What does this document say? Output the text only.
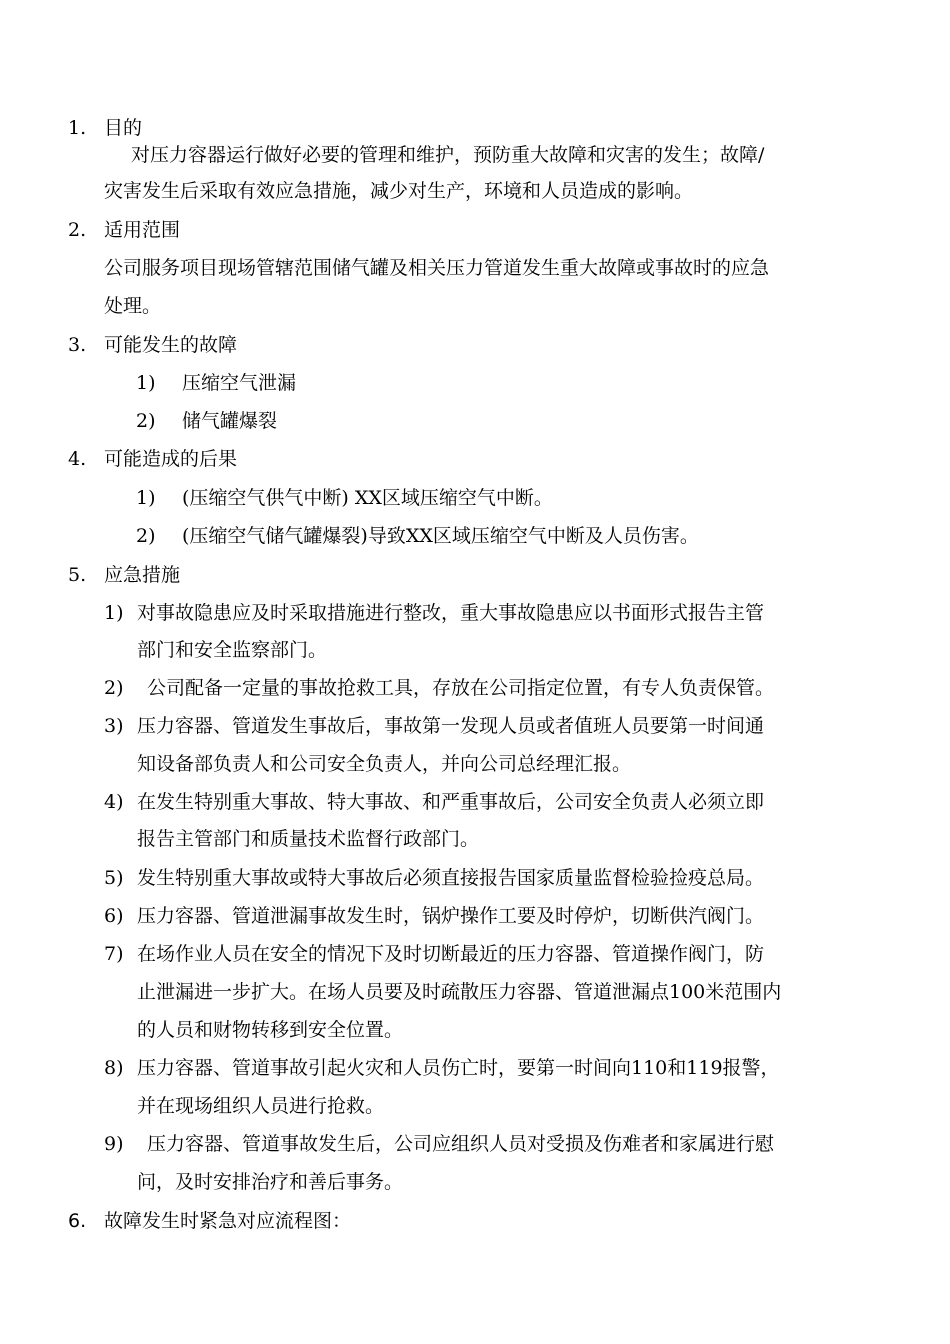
1. 目的
对压力容器运行做好必要的管理和维护，预防重大故障和灾害的发生；故障/
灾害发生后采取有效应急措施，减少对生产，环境和人员造成的影响。
2. 适用范围
公司服务项目现场管辖范围储气罐及相关压力管道发生重大故障或事故时的应急
处理。
3. 可能发生的故障
1) 压缩空气泄漏
2) 储气罐爆裂
4. 可能造成的后果
1) (压缩空气供气中断) XX区域压缩空气中断。
2) (压缩空气储气罐爆裂)导致XX区域压缩空气中断及人员伤害。
5. 应急措施
1) 对事故隐患应及时采取措施进行整改，重大事故隐患应以书面形式报告主管
部门和安全监察部门。
2) 公司配备一定量的事故抢救工具，存放在公司指定位置，有专人负责保管。
3) 压力容器、管道发生事故后，事故第一发现人员或者值班人员要第一时间通
知设备部负责人和公司安全负责人，并向公司总经理汇报。
4) 在发生特别重大事故、特大事故、和严重事故后，公司安全负责人必须立即
报告主管部门和质量技术监督行政部门。
5) 发生特别重大事故或特大事故后必须直接报告国家质量监督检验捡疫总局。
6) 压力容器、管道泄漏事故发生时，锅炉操作工要及时停炉，切断供汽阀门。
7) 在场作业人员在安全的情况下及时切断最近的压力容器、管道操作阀门，防
止泄漏进一步扩大。在场人员要及时疏散压力容器、管道泄漏点100米范围内
的人员和财物转移到安全位置。
8) 压力容器、管道事故引起火灾和人员伤亡时，要第一时间向110和119报警，
并在现场组织人员进行抢救。
9) 压力容器、管道事故发生后，公司应组织人员对受损及伤难者和家属进行慰
问，及时安排治疗和善后事务。
6. 故障发生时紧急对应流程图：
